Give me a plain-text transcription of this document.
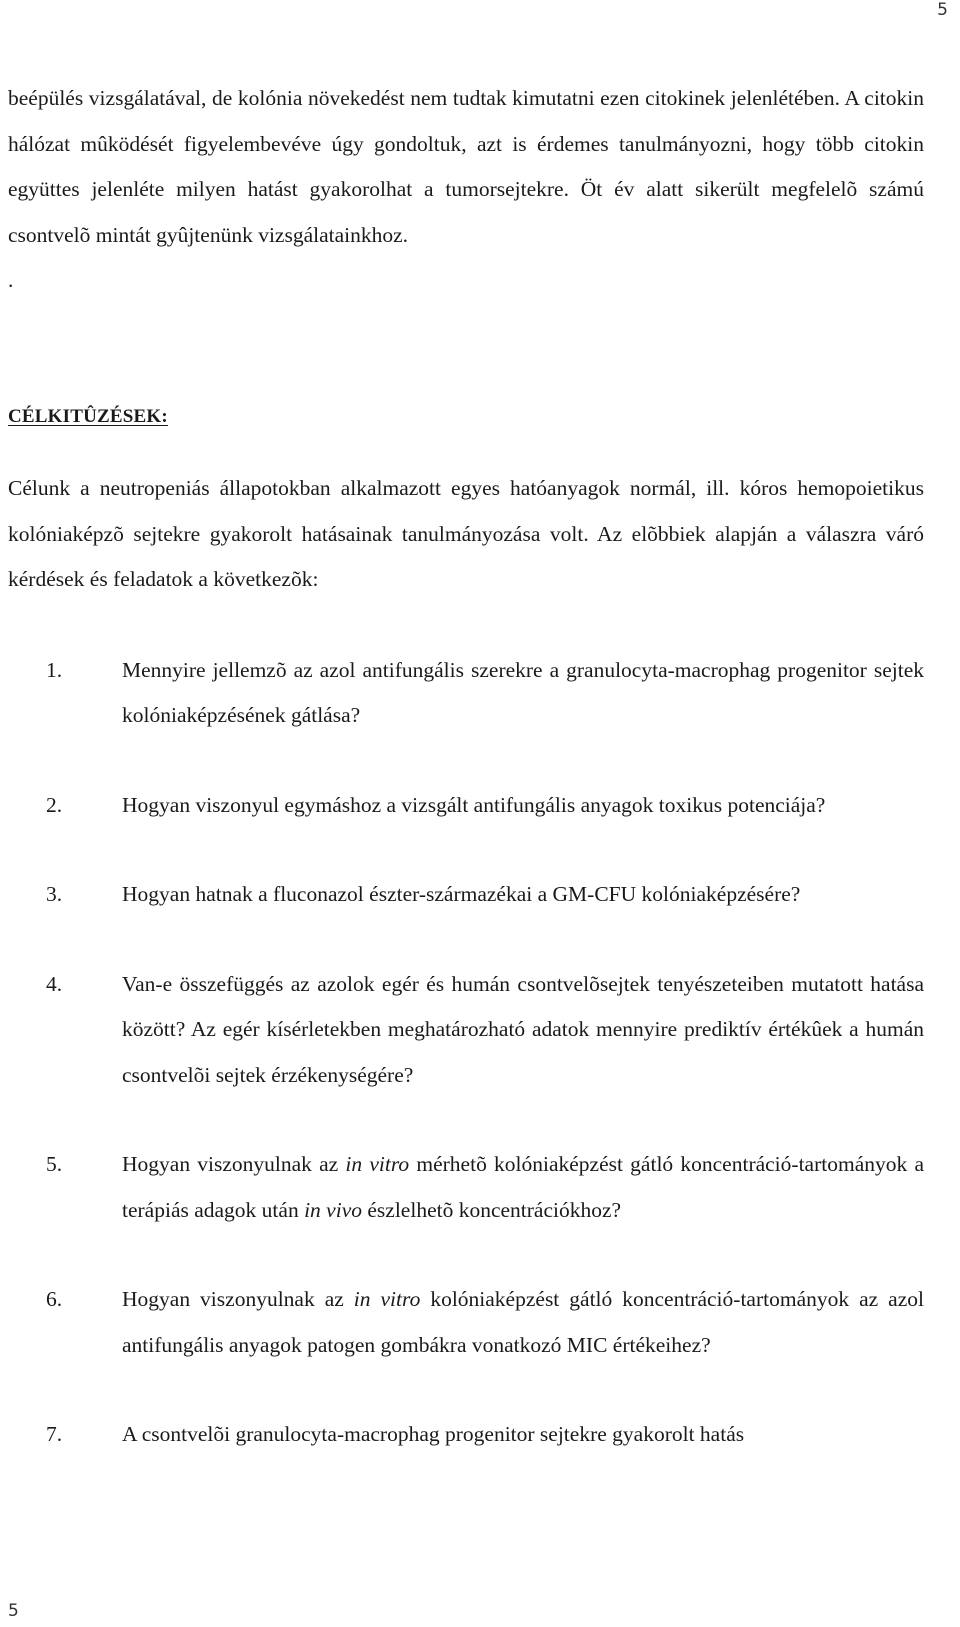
5

beépülés vizsgálatával, de kolónia növekedést nem tudtak kimutatni ezen citokinek jelenlétében. A citokin hálózat mûködését figyelembevéve úgy gondoltuk, azt is érdemes tanulmányozni, hogy több citokin együttes jelenléte milyen hatást gyakorolhat a tumorsejtekre. Öt év alatt sikerült megfelelõ számú csontvelõ mintát gyûjtenünk vizsgálatainkhoz.

.

CÉLKITÛZÉSEK:

Célunk a neutropeniás állapotokban alkalmazott egyes hatóanyagok normál, ill. kóros hemopoietikus kolóniaképzõ sejtekre gyakorolt hatásainak tanulmányozása volt. Az elõbbiek alapján a válaszra váró kérdések és feladatok a következõk:

1.	Mennyire jellemzõ az azol antifungális szerekre a granulocyta-macrophag progenitor sejtek kolóniaképzésének gátlása?
2.	Hogyan viszonyul egymáshoz a vizsgált antifungális anyagok toxikus potenciája?
3.	Hogyan hatnak a fluconazol észter-származékai a GM-CFU kolóniaképzésére?
4.	Van-e összefüggés az azolok egér és humán csontvelõsejtek tenyészeteiben mutatott hatása között? Az egér kísérletekben meghatározható adatok mennyire prediktív értékûek a humán csontvelõi sejtek érzékenységére?
5.	Hogyan viszonyulnak az in vitro mérhetõ kolóniaképzést gátló koncentráció-tartományok a terápiás adagok után in vivo észlelhetõ koncentrációkhoz?
6.	Hogyan viszonyulnak az in vitro kolóniaképzést gátló koncentráció-tartományok az azol antifungális anyagok patogen gombákra vonatkozó MIC értékeihez?
7.	A csontvelõi granulocyta-macrophag progenitor sejtekre gyakorolt hatás
5
